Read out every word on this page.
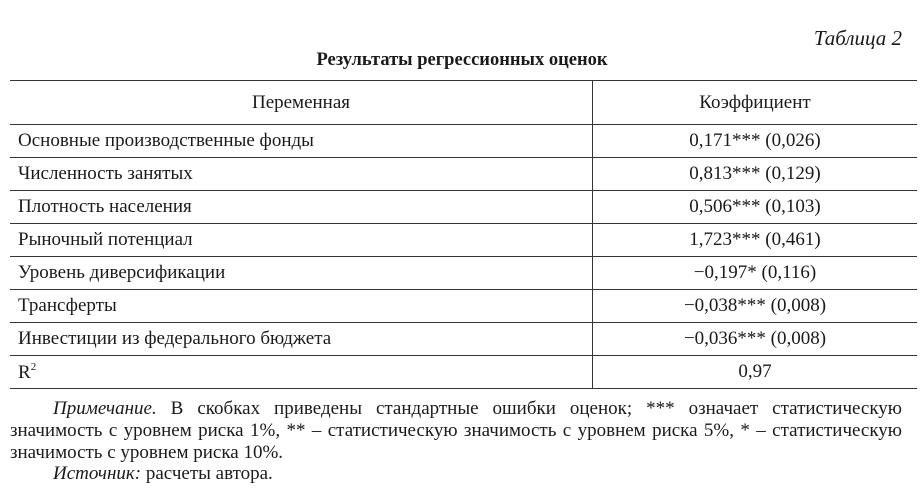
Таблица 2
Результаты регрессионных оценок
Переменная	Коэффициент
Основные производственные фонды	0,171*** (0,026)
Численность занятых	0,813*** (0,129)
Плотность населения	0,506*** (0,103)
Рыночный потенциал	1,723*** (0,461)
Уровень диверсификации	−0,197* (0,116)
Трансферты	−0,038*** (0,008)
Инвестиции из федерального бюджета	−0,036*** (0,008)
$R^2$	0,97
Примечание. В скобках приведены стандартные ошибки оценок; *** означает статистическую значимость с уровнем риска 1%, ** – статистическую значимость с уровнем риска 5%, * – статистическую значимость с уровнем риска 10%.
Источник: расчеты автора.
